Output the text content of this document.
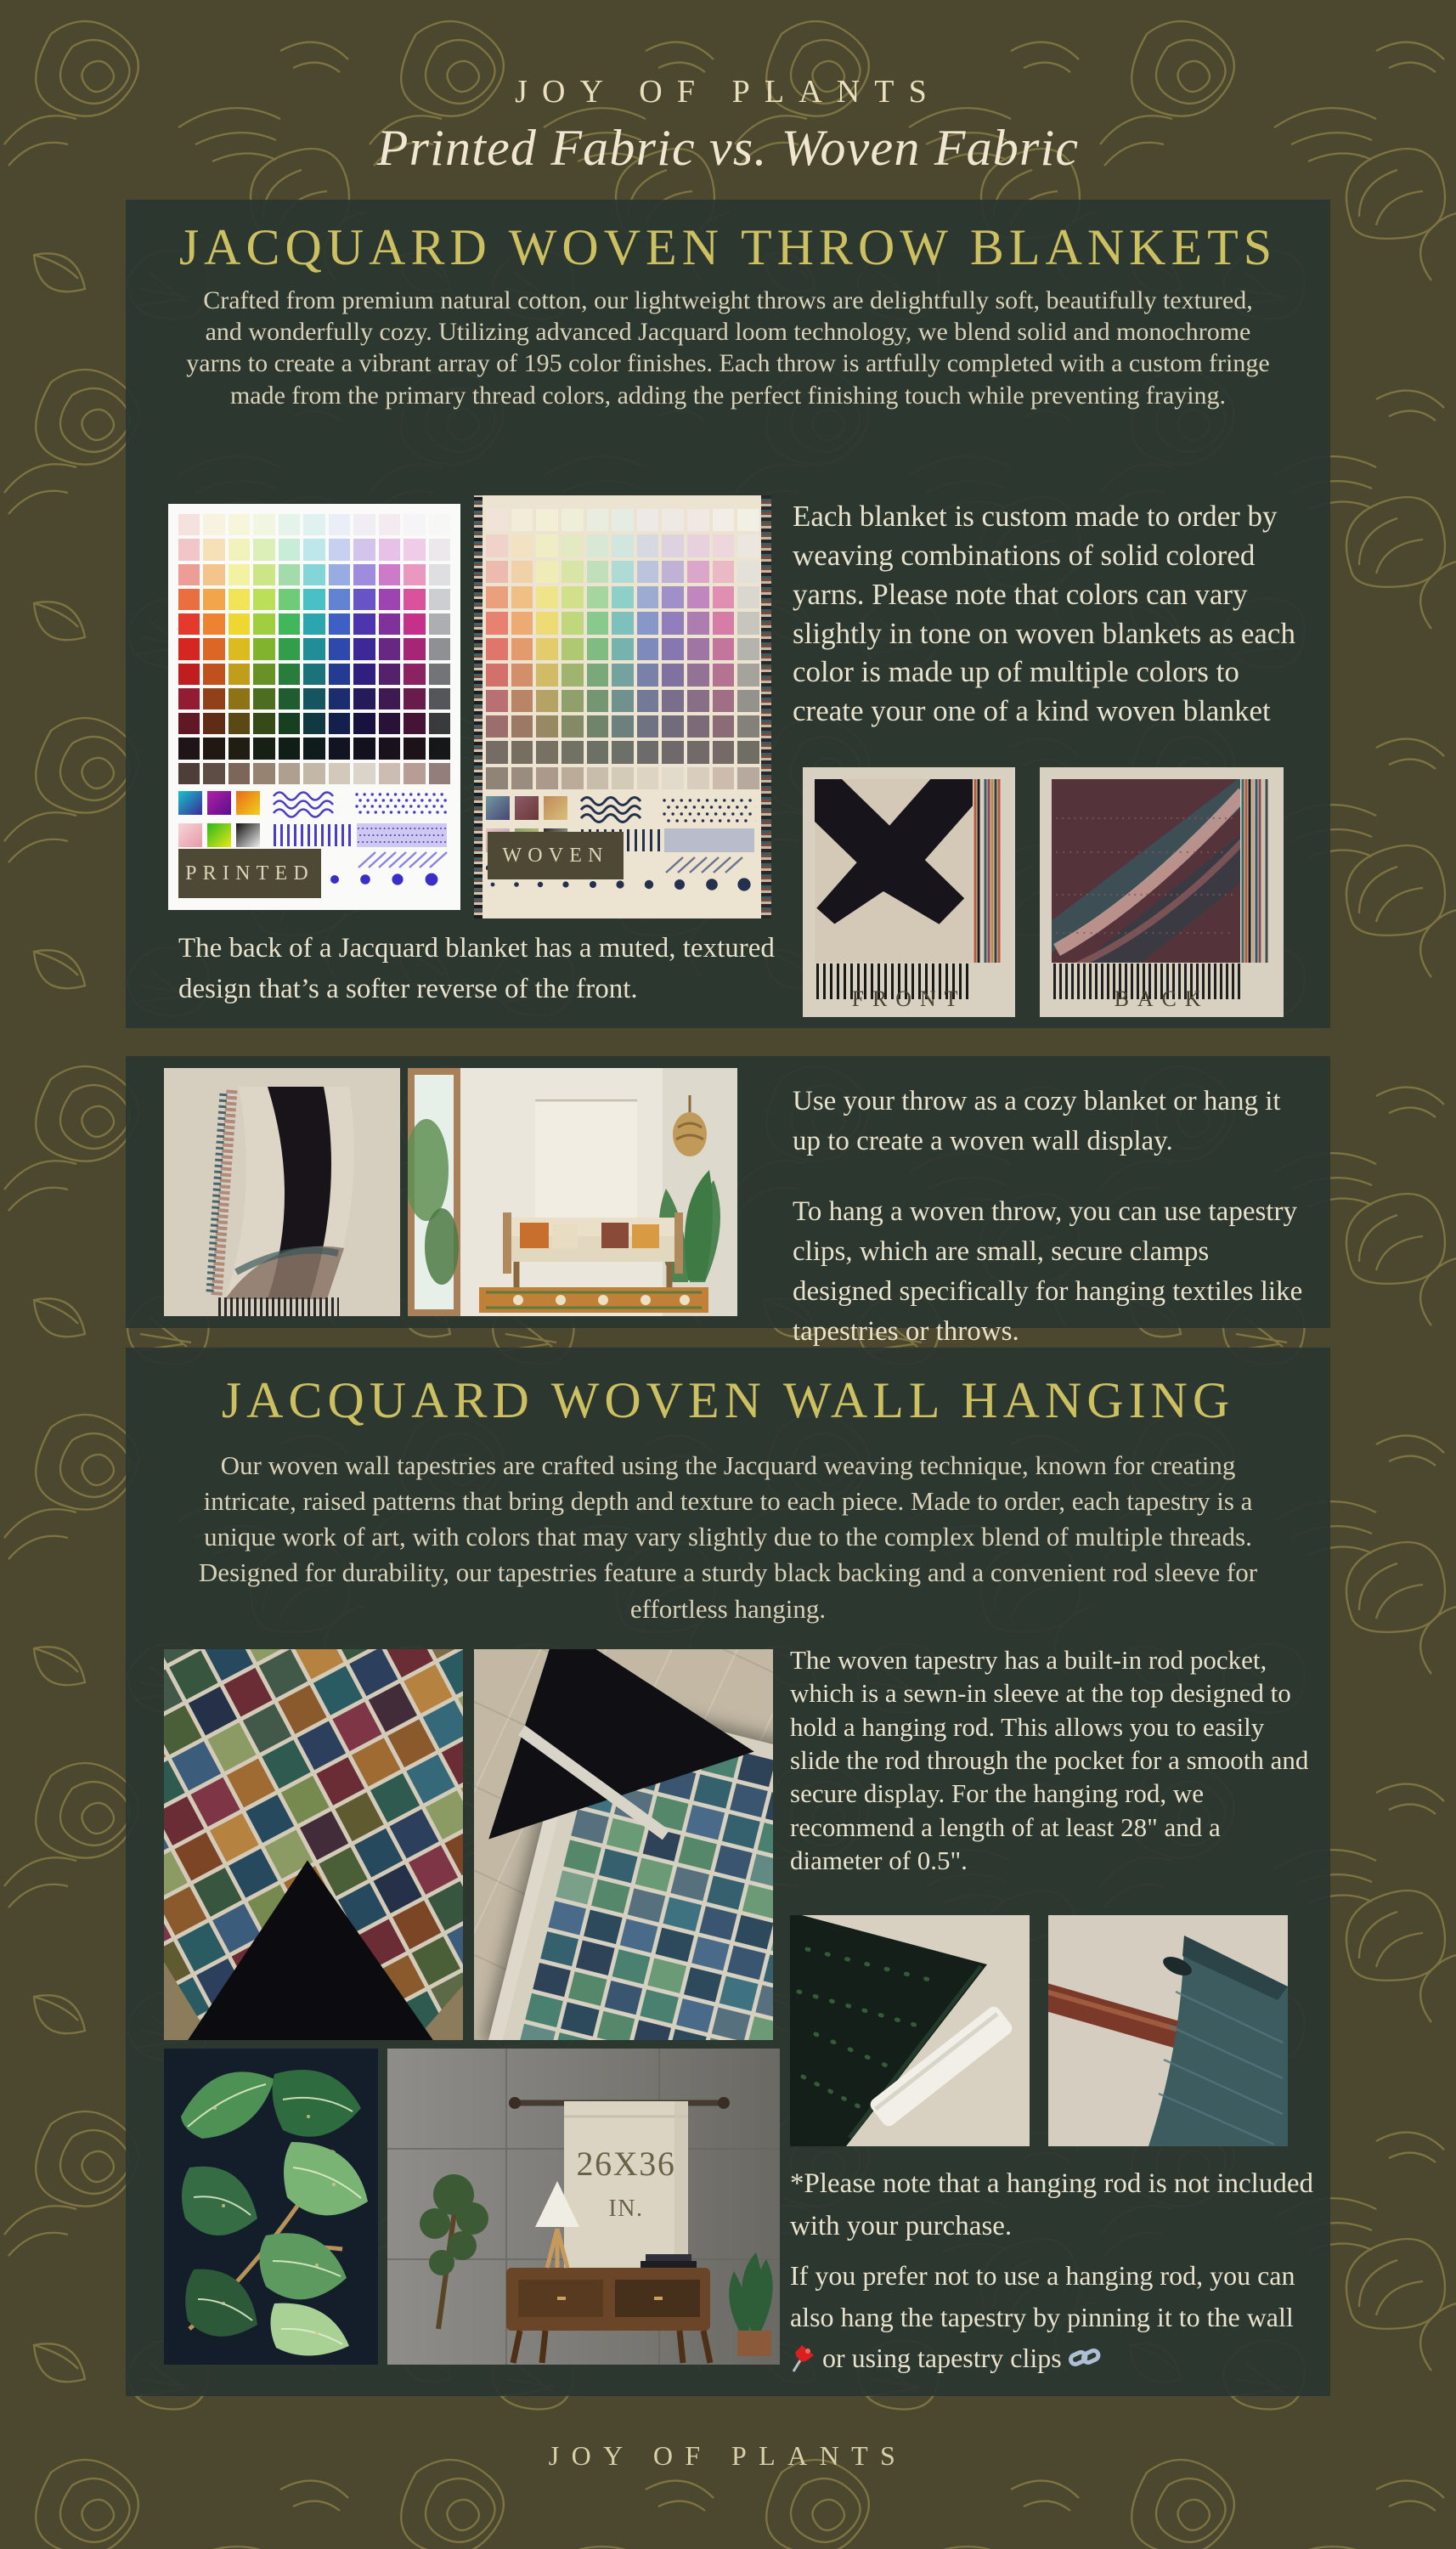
JOY OF PLANTS
Printed Fabric vs. Woven Fabric
JACQUARD WOVEN THROW BLANKETS
Crafted from premium natural cotton, our lightweight throws are delightfully soft, beautifully textured, and wonderfully cozy. Utilizing advanced Jacquard loom technology, we blend solid and monochrome yarns to create a vibrant array of 195 color finishes. Each throw is artfully completed with a custom fringe made from the primary thread colors, adding the perfect finishing touch while preventing fraying.
PRINTED
WOVEN
Each blanket is custom made to order by weaving combinations of solid colored yarns. Please note that colors can vary slightly in tone on woven blankets as each color is made up of multiple colors to create your one of a kind woven blanket
FRONT	BACK
The back of a Jacquard blanket has a muted, textured design that’s a softer reverse of the front.
Use your throw as a cozy blanket or hang it up to create a woven wall display.
To hang a woven throw, you can use tapestry clips, which are small, secure clamps designed specifically for hanging textiles like tapestries or throws.
JACQUARD WOVEN WALL HANGING
Our woven wall tapestries are crafted using the Jacquard weaving technique, known for creating intricate, raised patterns that bring depth and texture to each piece. Made to order, each tapestry is a unique work of art, with colors that may vary slightly due to the complex blend of multiple threads. Designed for durability, our tapestries feature a sturdy black backing and a convenient rod sleeve for effortless hanging.
The woven tapestry has a built-in rod pocket, which is a sewn-in sleeve at the top designed to hold a hanging rod. This allows you to easily slide the rod through the pocket for a smooth and secure display. For the hanging rod, we recommend a length of at least 28" and a diameter of 0.5".
26X36
IN.
*Please note that a hanging rod is not included with your purchase.
If you prefer not to use a hanging rod, you can also hang the tapestry by pinning it to the wall  or using tapestry clips
JOY OF PLANTS
